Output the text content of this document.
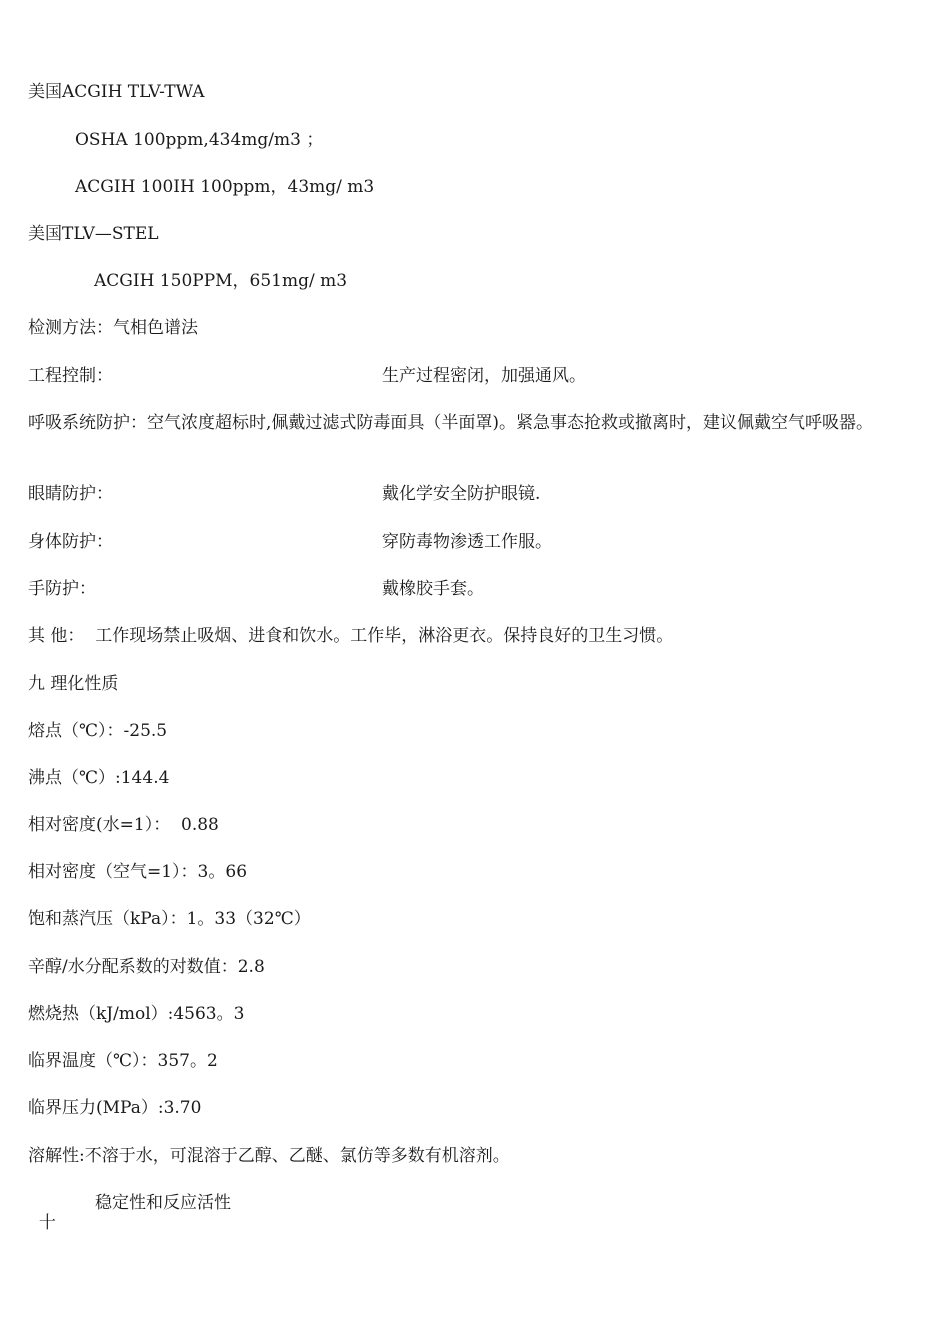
美国ACGIH TLV-TWA
OSHA 100ppm,434mg/m3 ；
ACGIH 100IH 100ppm，43mg/ m3
美国TLV—STEL
ACGIH 150PPM，651mg/ m3
检测方法：气相色谱法
工程控制：	生产过程密闭，加强通风。
呼吸系统防护：空气浓度超标时,佩戴过滤式防毒面具（半面罩)。紧急事态抢救或撤离时，建议佩戴空气呼吸器。
眼睛防护：	戴化学安全防护眼镜.
身体防护：	穿防毒物渗透工作服。
手防护：	戴橡胶手套。
其 他：  工作现场禁止吸烟、进食和饮水。工作毕，淋浴更衣。保持良好的卫生习惯。
九 理化性质
熔点（℃）：-25.5
沸点（℃）:144.4
相对密度(水=1）：  0.88
相对密度（空气=1）：3。66
饱和蒸汽压（kPa）：1。33（32℃）
辛醇/水分配系数的对数值：2.8
燃烧热（kJ/mol）:4563。3
临界温度（℃）：357。2
临界压力(MPa）:3.70
溶解性:不溶于水，可混溶于乙醇、乙醚、氯仿等多数有机溶剂。

十

稳定性和反应活性
